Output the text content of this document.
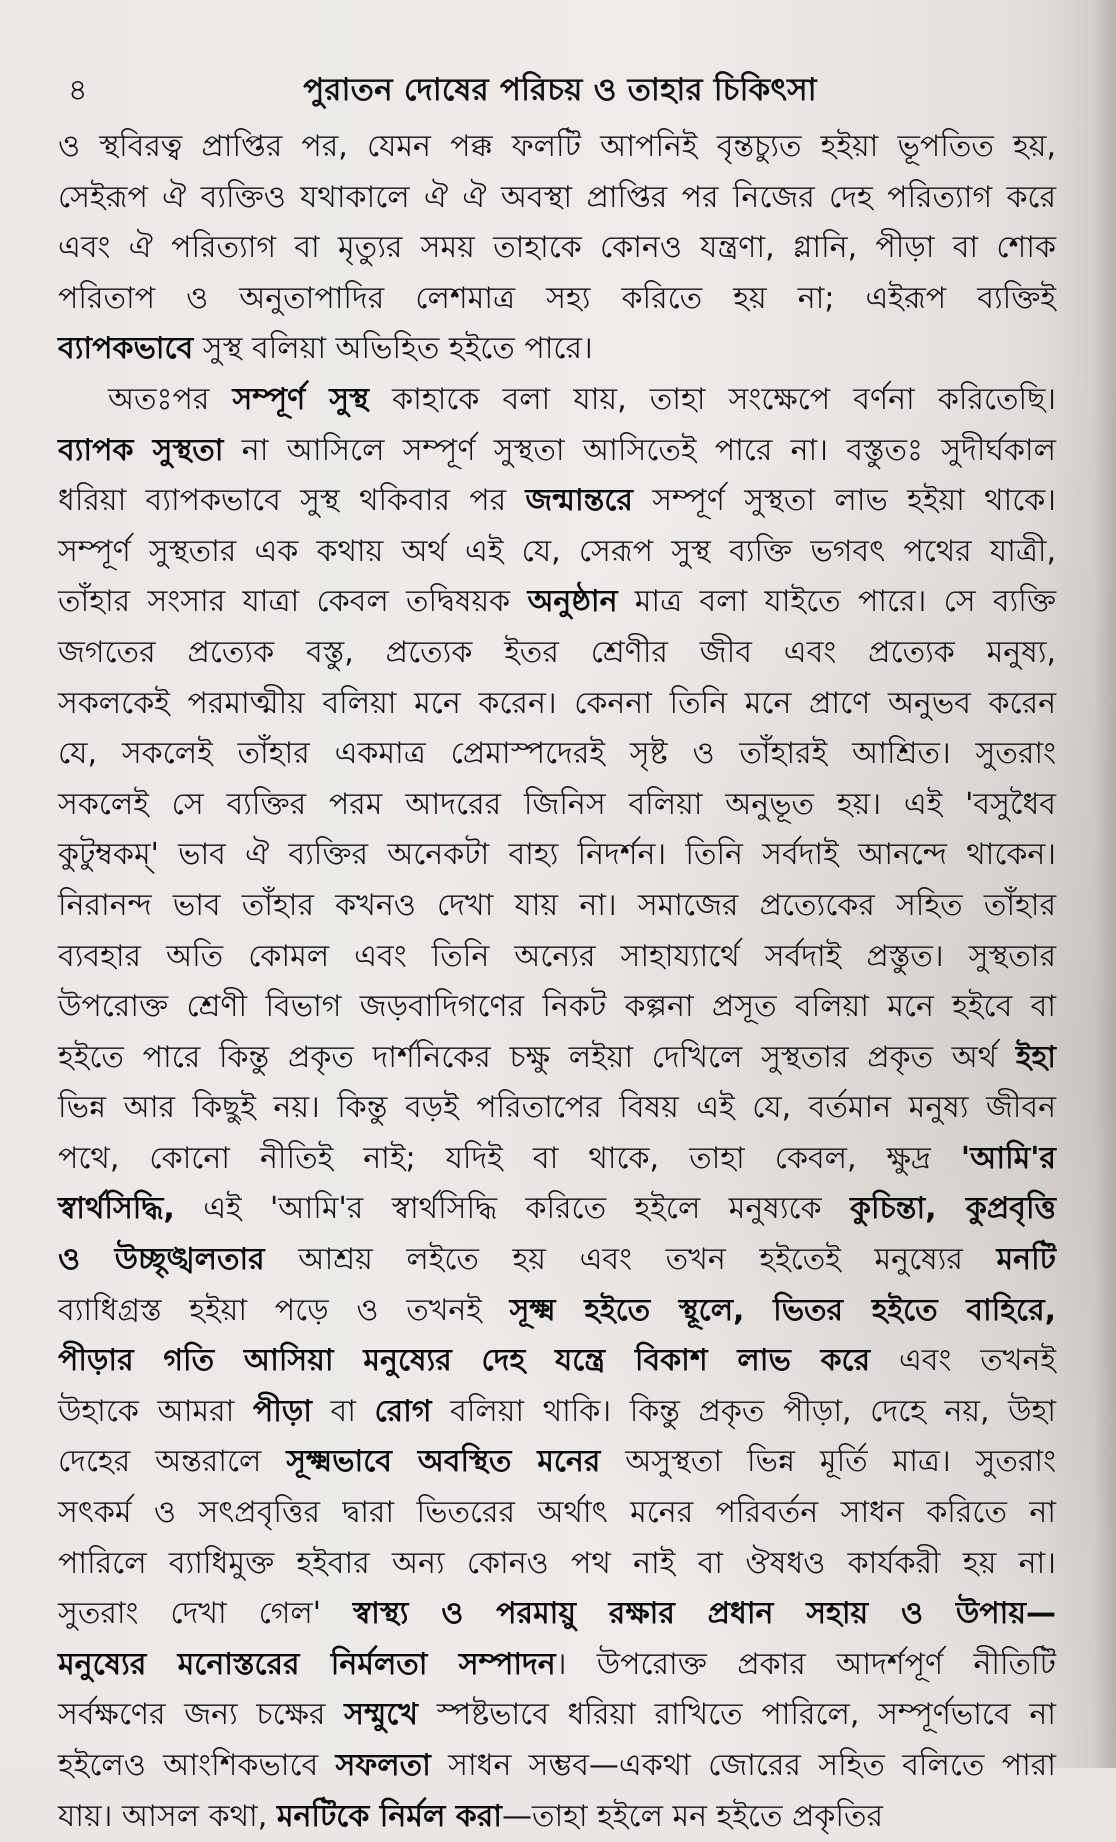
৪	পুরাতন দোষের পরিচয় ও তাহার চিকিৎসা
ও স্থবিরত্ব প্রাপ্তির পর, যেমন পক্ক ফলটি আপনিই বৃন্তচ্যুত হইয়া ভূপতিত হয়,
সেইরূপ ঐ ব্যক্তিও যথাকালে ঐ ঐ অবস্থা প্রাপ্তির পর নিজের দেহ পরিত্যাগ করে
এবং ঐ পরিত্যাগ বা মৃত্যুর সময় তাহাকে কোনও যন্ত্রণা, গ্লানি, পীড়া বা শোক
পরিতাপ ও অনুতাপাদির লেশমাত্র সহ্য করিতে হয় না; এইরূপ ব্যক্তিই
ব্যাপকভাবে সুস্থ বলিয়া অভিহিত হইতে পারে।
অতঃপর সম্পূর্ণ সুস্থ কাহাকে বলা যায়, তাহা সংক্ষেপে বর্ণনা করিতেছি।
ব্যাপক সুস্থতা না আসিলে সম্পূর্ণ সুস্থতা আসিতেই পারে না। বস্তুতঃ সুদীর্ঘকাল
ধরিয়া ব্যাপকভাবে সুস্থ থকিবার পর জন্মান্তরে সম্পূর্ণ সুস্থতা লাভ হইয়া থাকে।
সম্পূর্ণ সুস্থতার এক কথায় অর্থ এই যে, সেরূপ সুস্থ ব্যক্তি ভগবৎ পথের যাত্রী,
তাঁহার সংসার যাত্রা কেবল তদ্বিষয়ক অনুষ্ঠান মাত্র বলা যাইতে পারে। সে ব্যক্তি
জগতের প্রত্যেক বস্তু, প্রত্যেক ইতর শ্রেণীর জীব এবং প্রত্যেক মনুষ্য,
সকলকেই পরমাত্মীয় বলিয়া মনে করেন। কেননা তিনি মনে প্রাণে অনুভব করেন
যে, সকলেই তাঁহার একমাত্র প্রেমাস্পদেরই সৃষ্ট ও তাঁহারই আশ্রিত। সুতরাং
সকলেই সে ব্যক্তির পরম আদরের জিনিস বলিয়া অনুভূত হয়। এই 'বসুধৈব
কুটুম্বকম্' ভাব ঐ ব্যক্তির অনেকটা বাহ্য নিদর্শন। তিনি সর্বদাই আনন্দে থাকেন।
নিরানন্দ ভাব তাঁহার কখনও দেখা যায় না। সমাজের প্রত্যেকের সহিত তাঁহার
ব্যবহার অতি কোমল এবং তিনি অন্যের সাহায্যার্থে সর্বদাই প্রস্তুত। সুস্থতার
উপরোক্ত শ্রেণী বিভাগ জড়বাদিগণের নিকট কল্পনা প্রসূত বলিয়া মনে হইবে বা
হইতে পারে কিন্তু প্রকৃত দার্শনিকের চক্ষু লইয়া দেখিলে সুস্থতার প্রকৃত অর্থ ইহা
ভিন্ন আর কিছুই নয়। কিন্তু বড়ই পরিতাপের বিষয় এই যে, বর্তমান মনুষ্য জীবন
পথে, কোনো নীতিই নাই; যদিই বা থাকে, তাহা কেবল, ক্ষুদ্র 'আমি'র
স্বার্থসিদ্ধি, এই 'আমি'র স্বার্থসিদ্ধি করিতে হইলে মনুষ্যকে কুচিন্তা, কুপ্রবৃত্তি
ও উচ্ছৃঙ্খলতার আশ্রয় লইতে হয় এবং তখন হইতেই মনুষ্যের মনটি
ব্যাধিগ্রস্ত হইয়া পড়ে ও তখনই সূক্ষ্ম হইতে স্থূলে, ভিতর হইতে বাহিরে,
পীড়ার গতি আসিয়া মনুষ্যের দেহ যন্ত্রে বিকাশ লাভ করে এবং তখনই
উহাকে আমরা পীড়া বা রোগ বলিয়া থাকি। কিন্তু প্রকৃত পীড়া, দেহে নয়, উহা
দেহের অন্তরালে সূক্ষ্মভাবে অবস্থিত মনের অসুস্থতা ভিন্ন মূর্তি মাত্র। সুতরাং
সৎকর্ম ও সৎপ্রবৃত্তির দ্বারা ভিতরের অর্থাৎ মনের পরিবর্তন সাধন করিতে না
পারিলে ব্যাধিমুক্ত হইবার অন্য কোনও পথ নাই বা ঔষধও কার্যকরী হয় না।
সুতরাং দেখা গেল' স্বাস্থ্য ও পরমায়ু রক্ষার প্রধান সহায় ও উপায়—
মনুষ্যের মনোস্তরের নির্মলতা সম্পাদন। উপরোক্ত প্রকার আদর্শপূর্ণ নীতিটি
সর্বক্ষণের জন্য চক্ষের সম্মুখে স্পষ্টভাবে ধরিয়া রাখিতে পারিলে, সম্পূর্ণভাবে না
হইলেও আংশিকভাবে সফলতা সাধন সম্ভব—একথা জোরের সহিত বলিতে পারা
যায়। আসল কথা, মনটিকে নির্মল করা—তাহা হইলে মন হইতে প্রকৃতির
